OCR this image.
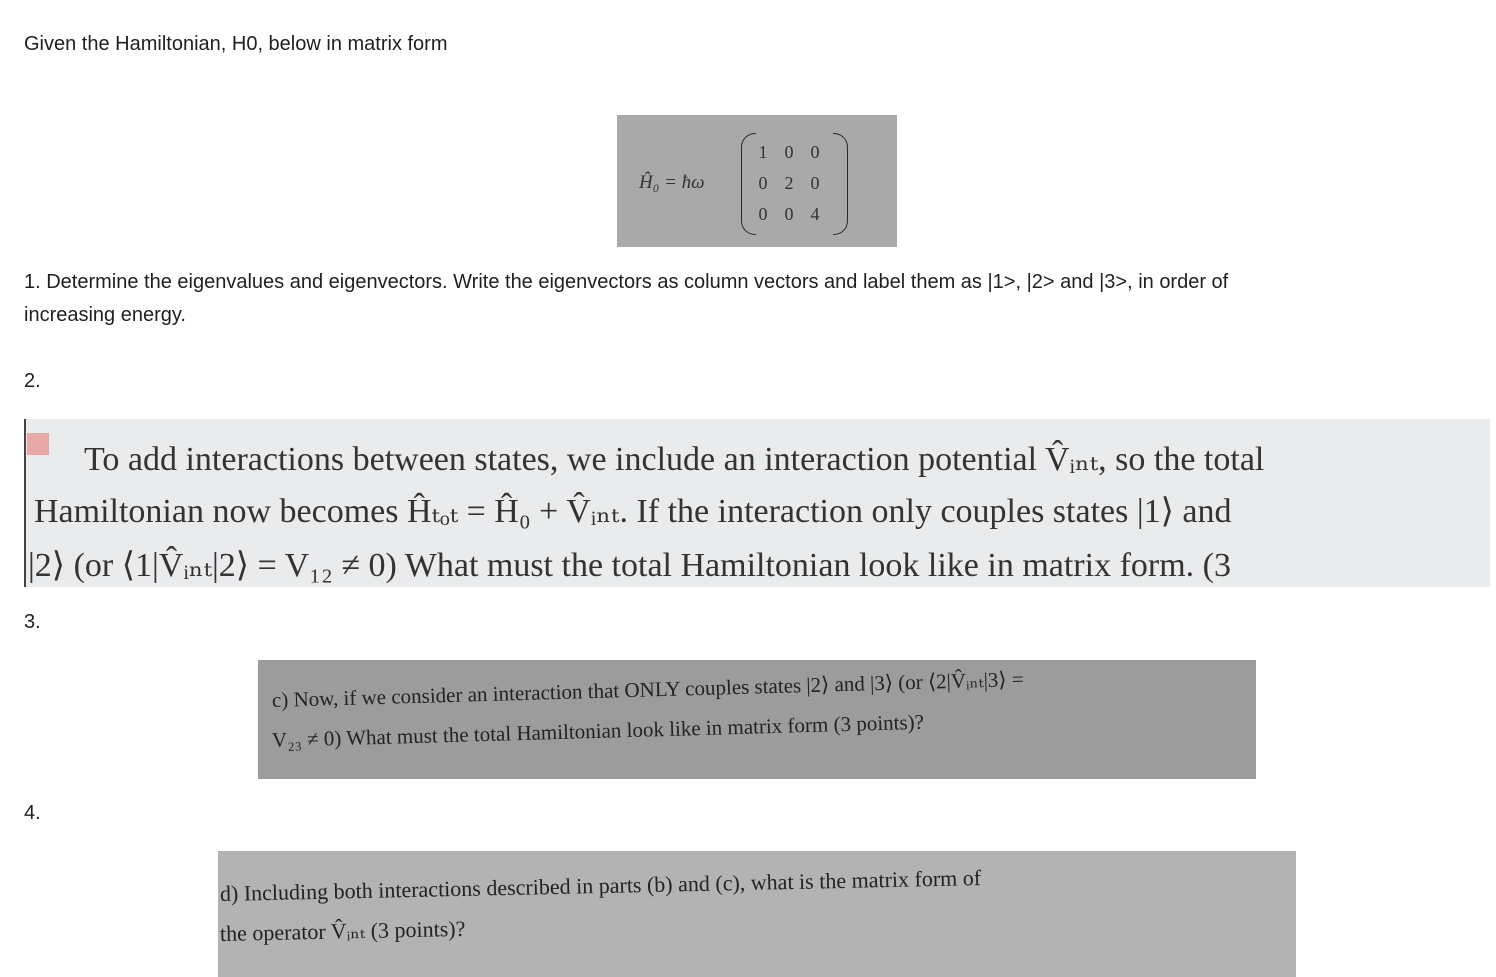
Given the Hamiltonian, H0, below in matrix form
Ĥ₀ = ħω
1 0 0
0 2 0
0 0 4
1. Determine the eigenvalues and eigenvectors. Write the eigenvectors as column vectors and label them as |1>, |2> and |3>, in order of
increasing energy.
2.
To add interactions between states, we include an interaction potential V̂ᵢₙₜ, so the total
Hamiltonian now becomes Ĥₜₒₜ = Ĥ₀ + V̂ᵢₙₜ. If the interaction only couples states |1⟩ and
|2⟩ (or ⟨1|V̂ᵢₙₜ|2⟩ = V₁₂ ≠ 0) What must the total Hamiltonian look like in matrix form. (3
3.
c) Now, if we consider an interaction that ONLY couples states |2⟩ and |3⟩ (or ⟨2|V̂ᵢₙₜ|3⟩ =
V₂₃ ≠ 0) What must the total Hamiltonian look like in matrix form (3 points)?
4.
d) Including both interactions described in parts (b) and (c), what is the matrix form of
the operator V̂ᵢₙₜ (3 points)?
